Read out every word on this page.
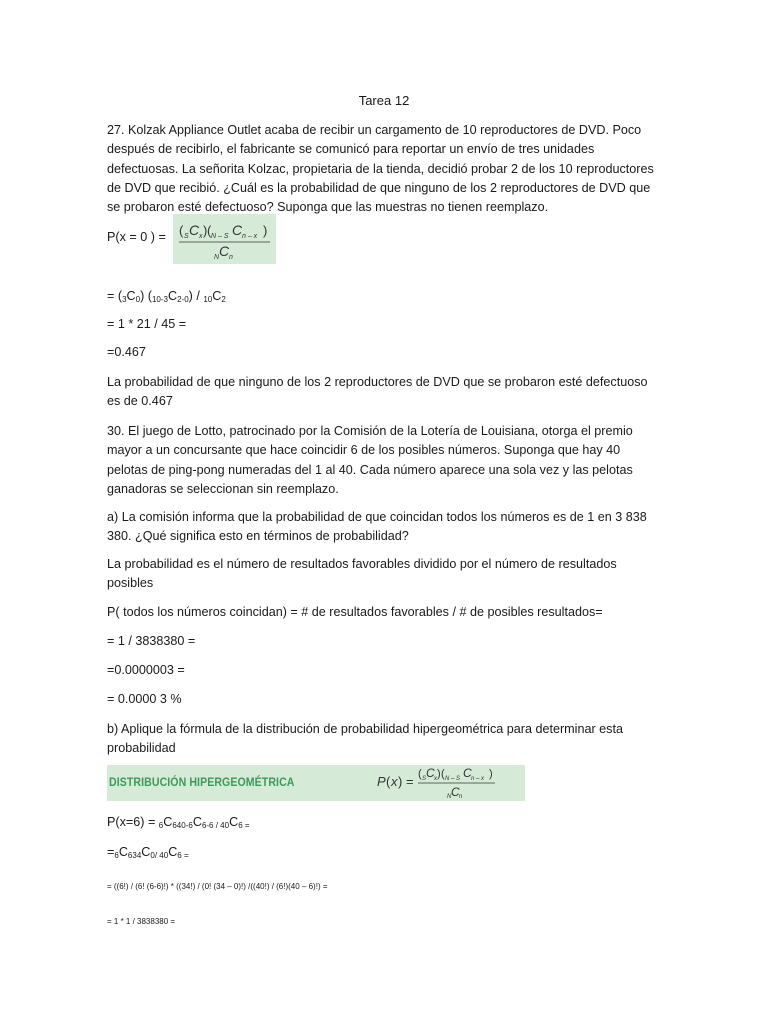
Tarea 12

27. Kolzak Appliance Outlet acaba de recibir un cargamento de 10 reproductores de DVD. Poco después de recibirlo, el fabricante se comunicó para reportar un envío de tres unidades defectuosas. La señorita Kolzac, propietaria de la tienda, decidió probar 2 de los 10 reproductores de DVD que recibió. ¿Cuál es la probabilidad de que ninguno de los 2 reproductores de DVD que se probaron esté defectuoso? Suponga que las muestras no tienen reemplazo.

P(x = 0 ) = ( S C x ) ( N – S C n – x )
N C n
= $(_3C_0)$ $(_{10-3}C_{2-0}) / _{10}C_2$
= 1 * 21 / 45 =
=0.467

La probabilidad de que ninguno de los 2 reproductores de DVD que se probaron esté defectuoso es de 0.467

30. El juego de Lotto, patrocinado por la Comisión de la Lotería de Louisiana, otorga el premio mayor a un concursante que hace coincidir 6 de los posibles números. Suponga que hay 40 pelotas de ping-pong numeradas del 1 al 40. Cada número aparece una sola vez y las pelotas ganadoras se seleccionan sin reemplazo.

a) La comisión informa que la probabilidad de que coincidan todos los números es de 1 en 3 838 380. ¿Qué significa esto en términos de probabilidad?

La probabilidad es el número de resultados favorables dividido por el número de resultados posibles

P( todos los números coincidan) = # de resultados favorables / # de posibles resultados=
= 1 / 3838380 =
=0.0000003 =
= 0.0000 3 %

b) Aplique la fórmula de la distribución de probabilidad hipergeométrica para determinar esta probabilidad

DISTRIBUCIÓN HIPERGEOMÉTRICA	P ( x ) = ( S C x ) ( N – S C n – x )
N C n
$P(x=6) = _6C_{640-6}C_{6-6 / 40}C_{6 =}$
$=_6C_{634}C_{0/ 40}C_{6 =}$
= ((6!) / (6! (6-6)!) * ((34!) / (0! (34 – 0)!) /((40!) / (6!)(40 – 6)!) =
= 1 * 1 / 3838380 =
